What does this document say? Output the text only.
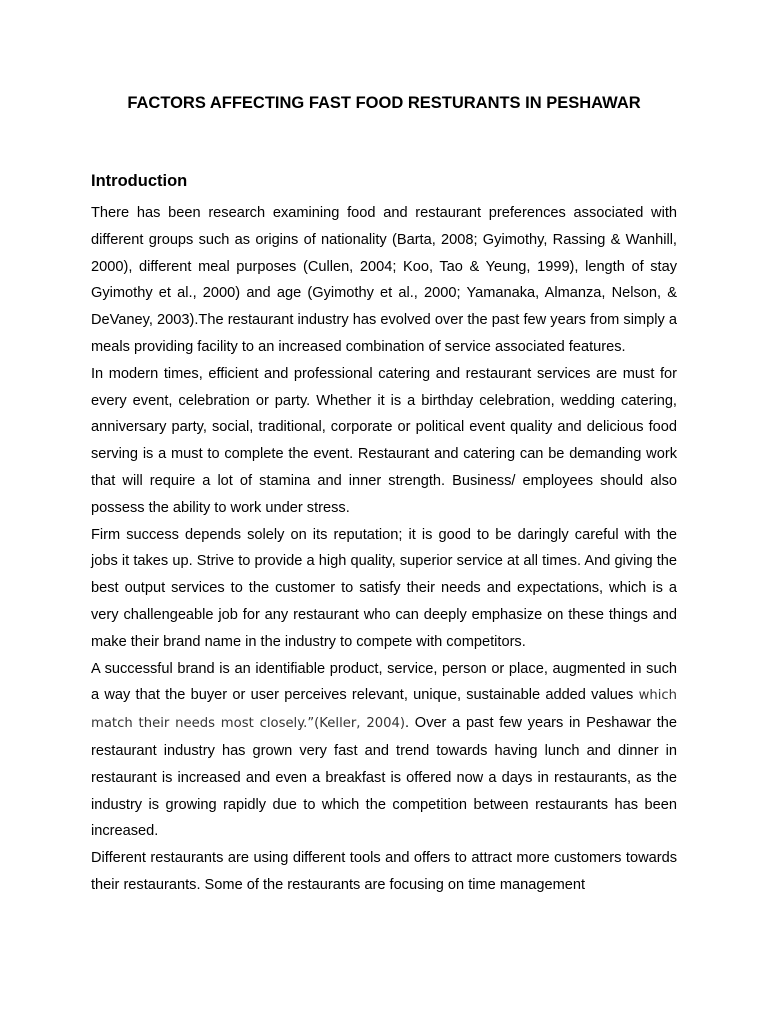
FACTORS AFFECTING FAST FOOD RESTURANTS IN PESHAWAR
Introduction

There has been research examining food and restaurant preferences associated with different groups such as origins of nationality (Barta, 2008; Gyimothy, Rassing & Wanhill, 2000), different meal purposes (Cullen, 2004; Koo, Tao & Yeung, 1999), length of stay Gyimothy et al., 2000) and age (Gyimothy et al., 2000; Yamanaka, Almanza, Nelson, & DeVaney, 2003).The restaurant industry has evolved over the past few years from simply a meals providing facility to an increased combination of service associated features.

In modern times, efficient and professional catering and restaurant services are must for every event, celebration or party. Whether it is a birthday celebration, wedding catering, anniversary party, social, traditional, corporate or political event quality and delicious food serving is a must to complete the event. Restaurant and catering can be demanding work that will require a lot of stamina and inner strength. Business/ employees should also possess the ability to work under stress.

Firm success depends solely on its reputation; it is good to be daringly careful with the jobs it takes up. Strive to provide a high quality, superior service at all times. And giving the best output services to the customer to satisfy their needs and expectations, which is a very challengeable job for any restaurant who can deeply emphasize on these things and make their brand name in the industry to compete with competitors.

A successful brand is an identifiable product, service, person or place, augmented in such a way that the buyer or user perceives relevant, unique, sustainable added values which match their needs most closely.”(Keller, 2004). Over a past few years in Peshawar the restaurant industry has grown very fast and trend towards having lunch and dinner in restaurant is increased and even a breakfast is offered now a days in restaurants, as the industry is growing rapidly due to which the competition between restaurants has been increased.

Different restaurants are using different tools and offers to attract more customers towards their restaurants. Some of the restaurants are focusing on time management
